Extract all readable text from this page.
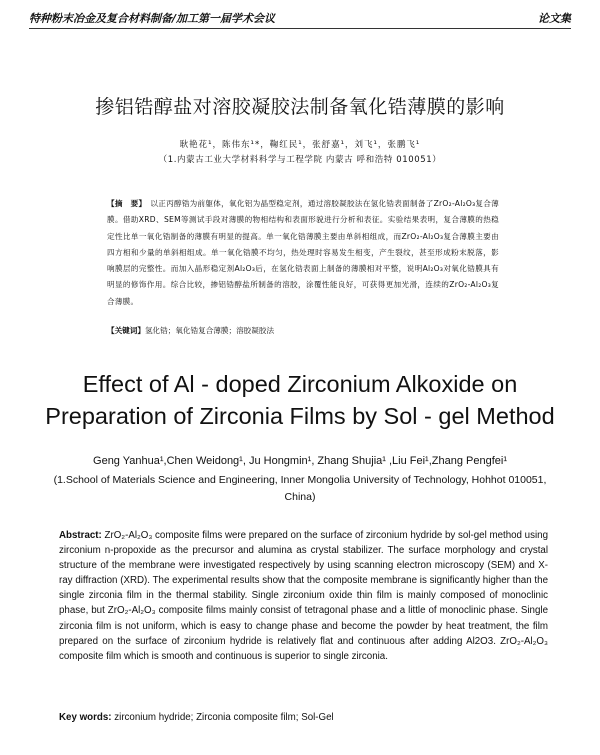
特种粉末冶金及复合材料制备/加工第一届学术会议	论文集
掺铝锆醇盐对溶胶凝胶法制备氧化锆薄膜的影响
耿艳花¹，陈伟东¹*，鞠红民¹，张舒嘉¹，刘飞¹，张鹏飞¹
（1.内蒙古工业大学材料科学与工程学院 内蒙古 呼和浩特 010051）
【摘　要】 以正丙醇锆为前躯体，氧化铝为晶型稳定剂，通过溶胶凝胶法在氢化锆表面制备了ZrO₂-Al₂O₃复合薄膜。借助XRD、SEM等测试手段对薄膜的物相结构和表面形貌进行分析和表征。实验结果表明，复合薄膜的热稳定性比单一氧化锆制备的薄膜有明显的提高。单一氧化锆薄膜主要由单斜相组成，而ZrO₂-Al₂O₃复合薄膜主要由四方相和少量的单斜相组成。单一氧化锆膜不均匀，热处理时容易发生相变，产生裂纹，甚至形成粉末脱落，影响膜层的完整性。而加入晶形稳定剂Al₂O₃后，在氢化锆表面上制备的薄膜相对平整，说明Al₂O₃对氧化锆膜具有明显的修饰作用。综合比较，掺铝锆醇盐所制备的溶胶，涂覆性能良好，可获得更加光滑，连续的ZrO₂-Al₂O₃复合薄膜。
【关键词】氢化锆；氧化锆复合薄膜；溶胶凝胶法
Effect of Al - doped Zirconium Alkoxide on Preparation of Zirconia Films by Sol - gel Method
Geng Yanhua¹,Chen Weidong¹, Ju Hongmin¹, Zhang Shujia¹ ,Liu Fei¹,Zhang Pengfei¹
(1.School of Materials Science and Engineering, Inner Mongolia University of Technology, Hohhot 010051, China)
Abstract: ZrO₂-Al₂O₃ composite films were prepared on the surface of zirconium hydride by sol-gel method using zirconium n-propoxide as the precursor and alumina as crystal stabilizer. The surface morphology and crystal structure of the membrane were investigated respectively by using scanning electron microscopy (SEM) and X-ray diffraction (XRD). The experimental results show that the composite membrane is significantly higher than the single zirconia film in the thermal stability. Single zirconium oxide thin film is mainly composed of monoclinic phase, but ZrO₂-Al₂O₃ composite films mainly consist of tetragonal phase and a little of monoclinic phase. Single zirconia film is not uniform, which is easy to change phase and become the powder by heat treatment, the film prepared on the surface of zirconium hydride is relatively flat and continuous after adding Al2O3. ZrO₂-Al₂O₃ composite film which is smooth and continuous is superior to single zirconia.
Key words: zirconium hydride; Zirconia composite film; Sol-Gel
